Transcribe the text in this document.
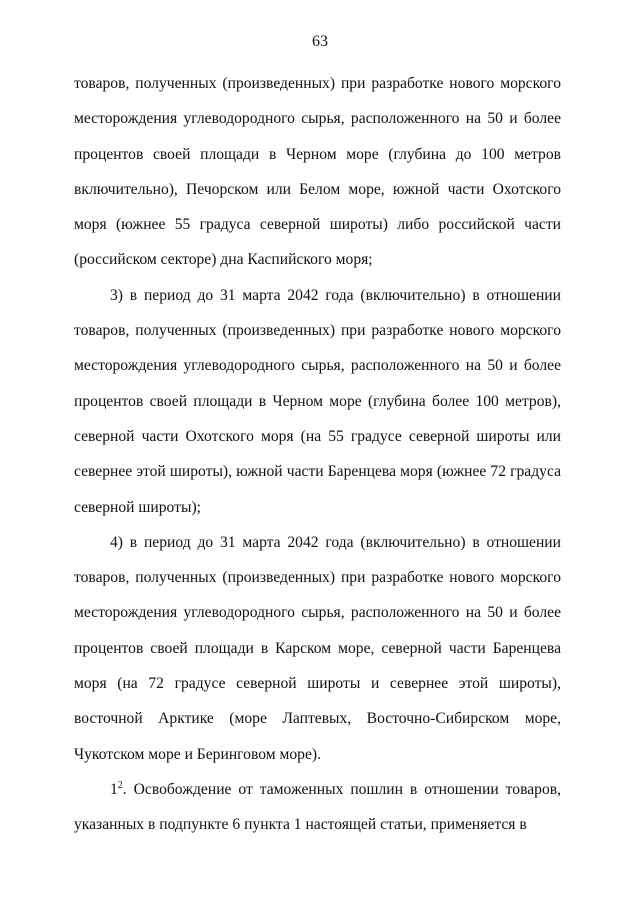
63

товаров, полученных (произведенных) при разработке нового морского месторождения углеводородного сырья, расположенного на 50 и более процентов своей площади в Черном море (глубина до 100 метров включительно), Печорском или Белом море, южной части Охотского моря (южнее 55 градуса северной широты) либо российской части (российском секторе) дна Каспийского моря;

3) в период до 31 марта 2042 года (включительно) в отношении товаров, полученных (произведенных) при разработке нового морского месторождения углеводородного сырья, расположенного на 50 и более процентов своей площади в Черном море (глубина более 100 метров), северной части Охотского моря (на 55 градусе северной широты или севернее этой широты), южной части Баренцева моря (южнее 72 градуса северной широты);

4) в период до 31 марта 2042 года (включительно) в отношении товаров, полученных (произведенных) при разработке нового морского месторождения углеводородного сырья, расположенного на 50 и более процентов своей площади в Карском море, северной части Баренцева моря (на 72 градусе северной широты и севернее этой широты), восточной Арктике (море Лаптевых, Восточно-Сибирском море, Чукотском море и Беринговом море).

$1^2$. Освобождение от таможенных пошлин в отношении товаров, указанных в подпункте 6 пункта 1 настоящей статьи, применяется в
